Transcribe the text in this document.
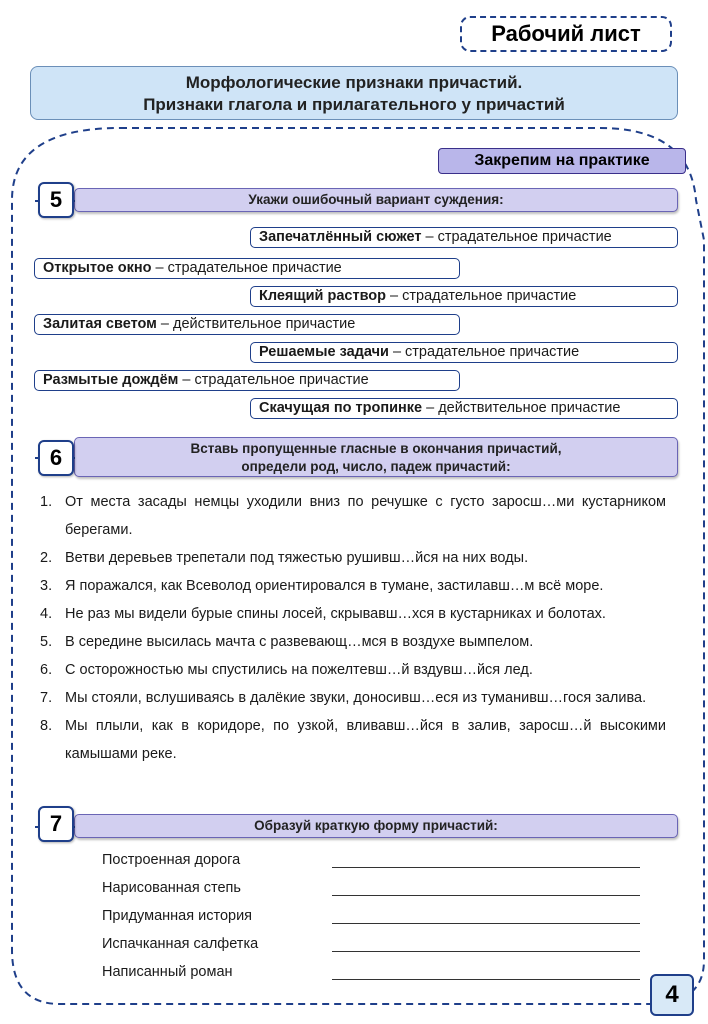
Рабочий лист
Морфологические признаки причастий.
Признаки глагола и прилагательного у причастий
Закрепим на практике
5	Укажи ошибочный вариант суждения:
Запечатлённый сюжет – страдательное причастие
Открытое окно – страдательное причастие
Клеящий раствор – страдательное причастие
Залитая светом – действительное причастие
Решаемые задачи – страдательное причастие
Размытые дождём – страдательное причастие
Скачущая по тропинке – действительное причастие
6	Вставь пропущенные гласные в окончания причастий,
определи род, число, падеж причастий:
1. От места засады немцы уходили вниз по речушке с густо заросш…ми кустарником берегами.
2. Ветви деревьев трепетали под тяжестью рушивш…йся на них воды.
3. Я поражался, как Всеволод ориентировался в тумане, застилавш…м всё море.
4. Не раз мы видели бурые спины лосей, скрывавш…хся в кустарниках и болотах.
5. В середине высилась мачта с развевающ…мся в воздухе вымпелом.
6. С осторожностью мы спустились на пожелтевш…й вздувш…йся лед.
7. Мы стояли, вслушиваясь в далёкие звуки, доносивш…еся из туманивш…гося залива.
8. Мы плыли, как в коридоре, по узкой, вливавш…йся в залив, заросш…й высокими камышами реке.
7	Образуй краткую форму причастий:
Построенная дорога
Нарисованная степь
Придуманная история
Испачканная салфетка
Написанный роман
4
